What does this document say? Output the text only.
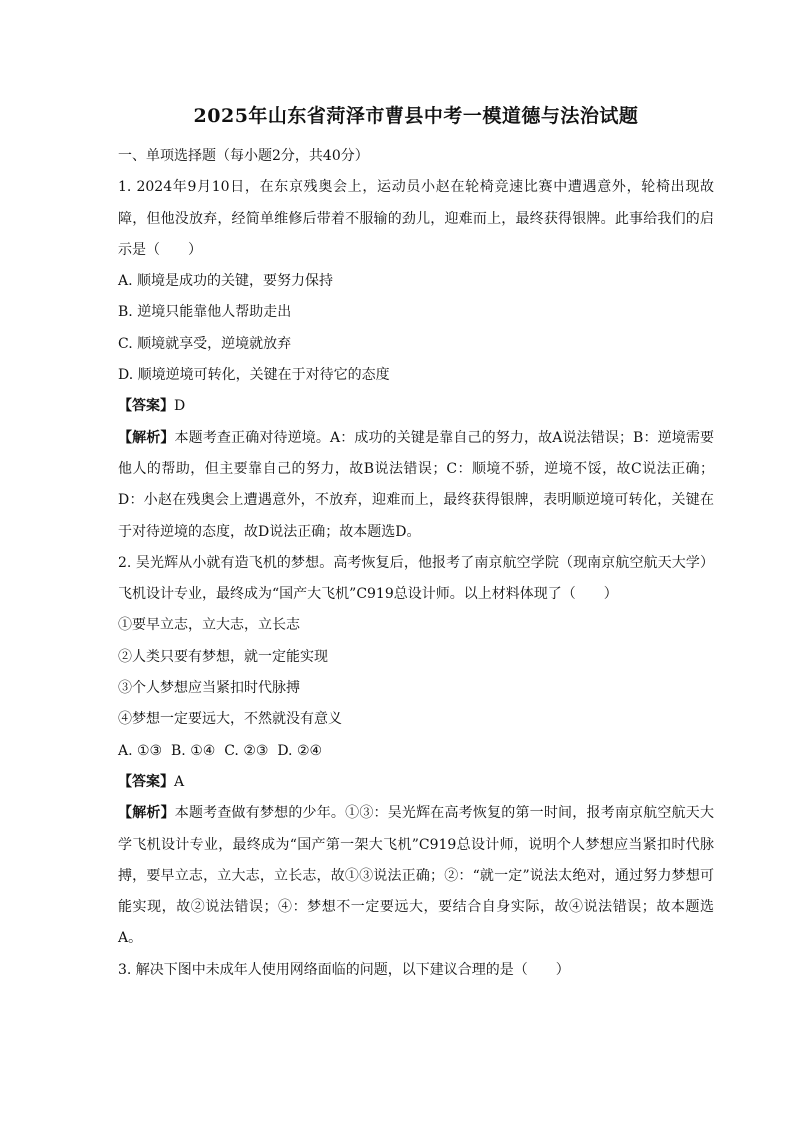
2025年山东省菏泽市曹县中考一模道德与法治试题

一、单项选择题（每小题2分，共40分）

1. 2024年9月10日，在东京残奥会上，运动员小赵在轮椅竞速比赛中遭遇意外，轮椅出现故障，但他没放弃，经简单维修后带着不服输的劲儿，迎难而上，最终获得银牌。此事给我们的启示是（　　）

A. 顺境是成功的关键，要努力保持

B. 逆境只能靠他人帮助走出

C. 顺境就享受，逆境就放弃

D. 顺境逆境可转化，关键在于对待它的态度

【答案】D

【解析】本题考查正确对待逆境。A：成功的关键是靠自己的努力，故A说法错误；B：逆境需要他人的帮助，但主要靠自己的努力，故B说法错误；C：顺境不骄，逆境不馁，故C说法正确；D：小赵在残奥会上遭遇意外，不放弃，迎难而上，最终获得银牌，表明顺逆境可转化，关键在于对待逆境的态度，故D说法正确；故本题选D。

2. 吴光辉从小就有造飞机的梦想。高考恢复后，他报考了南京航空学院（现南京航空航天大学）飞机设计专业，最终成为“国产大飞机”C919总设计师。以上材料体现了（　　）

①要早立志，立大志，立长志

②人类只要有梦想，就一定能实现

③个人梦想应当紧扣时代脉搏

④梦想一定要远大，不然就没有意义

A. ①③  B. ①④  C. ②③  D. ②④

【答案】A

【解析】本题考查做有梦想的少年。①③：吴光辉在高考恢复的第一时间，报考南京航空航天大学飞机设计专业，最终成为“国产第一架大飞机”C919总设计师，说明个人梦想应当紧扣时代脉搏，要早立志，立大志，立长志，故①③说法正确；②：“就一定”说法太绝对，通过努力梦想可能实现，故②说法错误；④：梦想不一定要远大，要结合自身实际，故④说法错误；故本题选A。

3. 解决下图中未成年人使用网络面临的问题，以下建议合理的是（　　）
